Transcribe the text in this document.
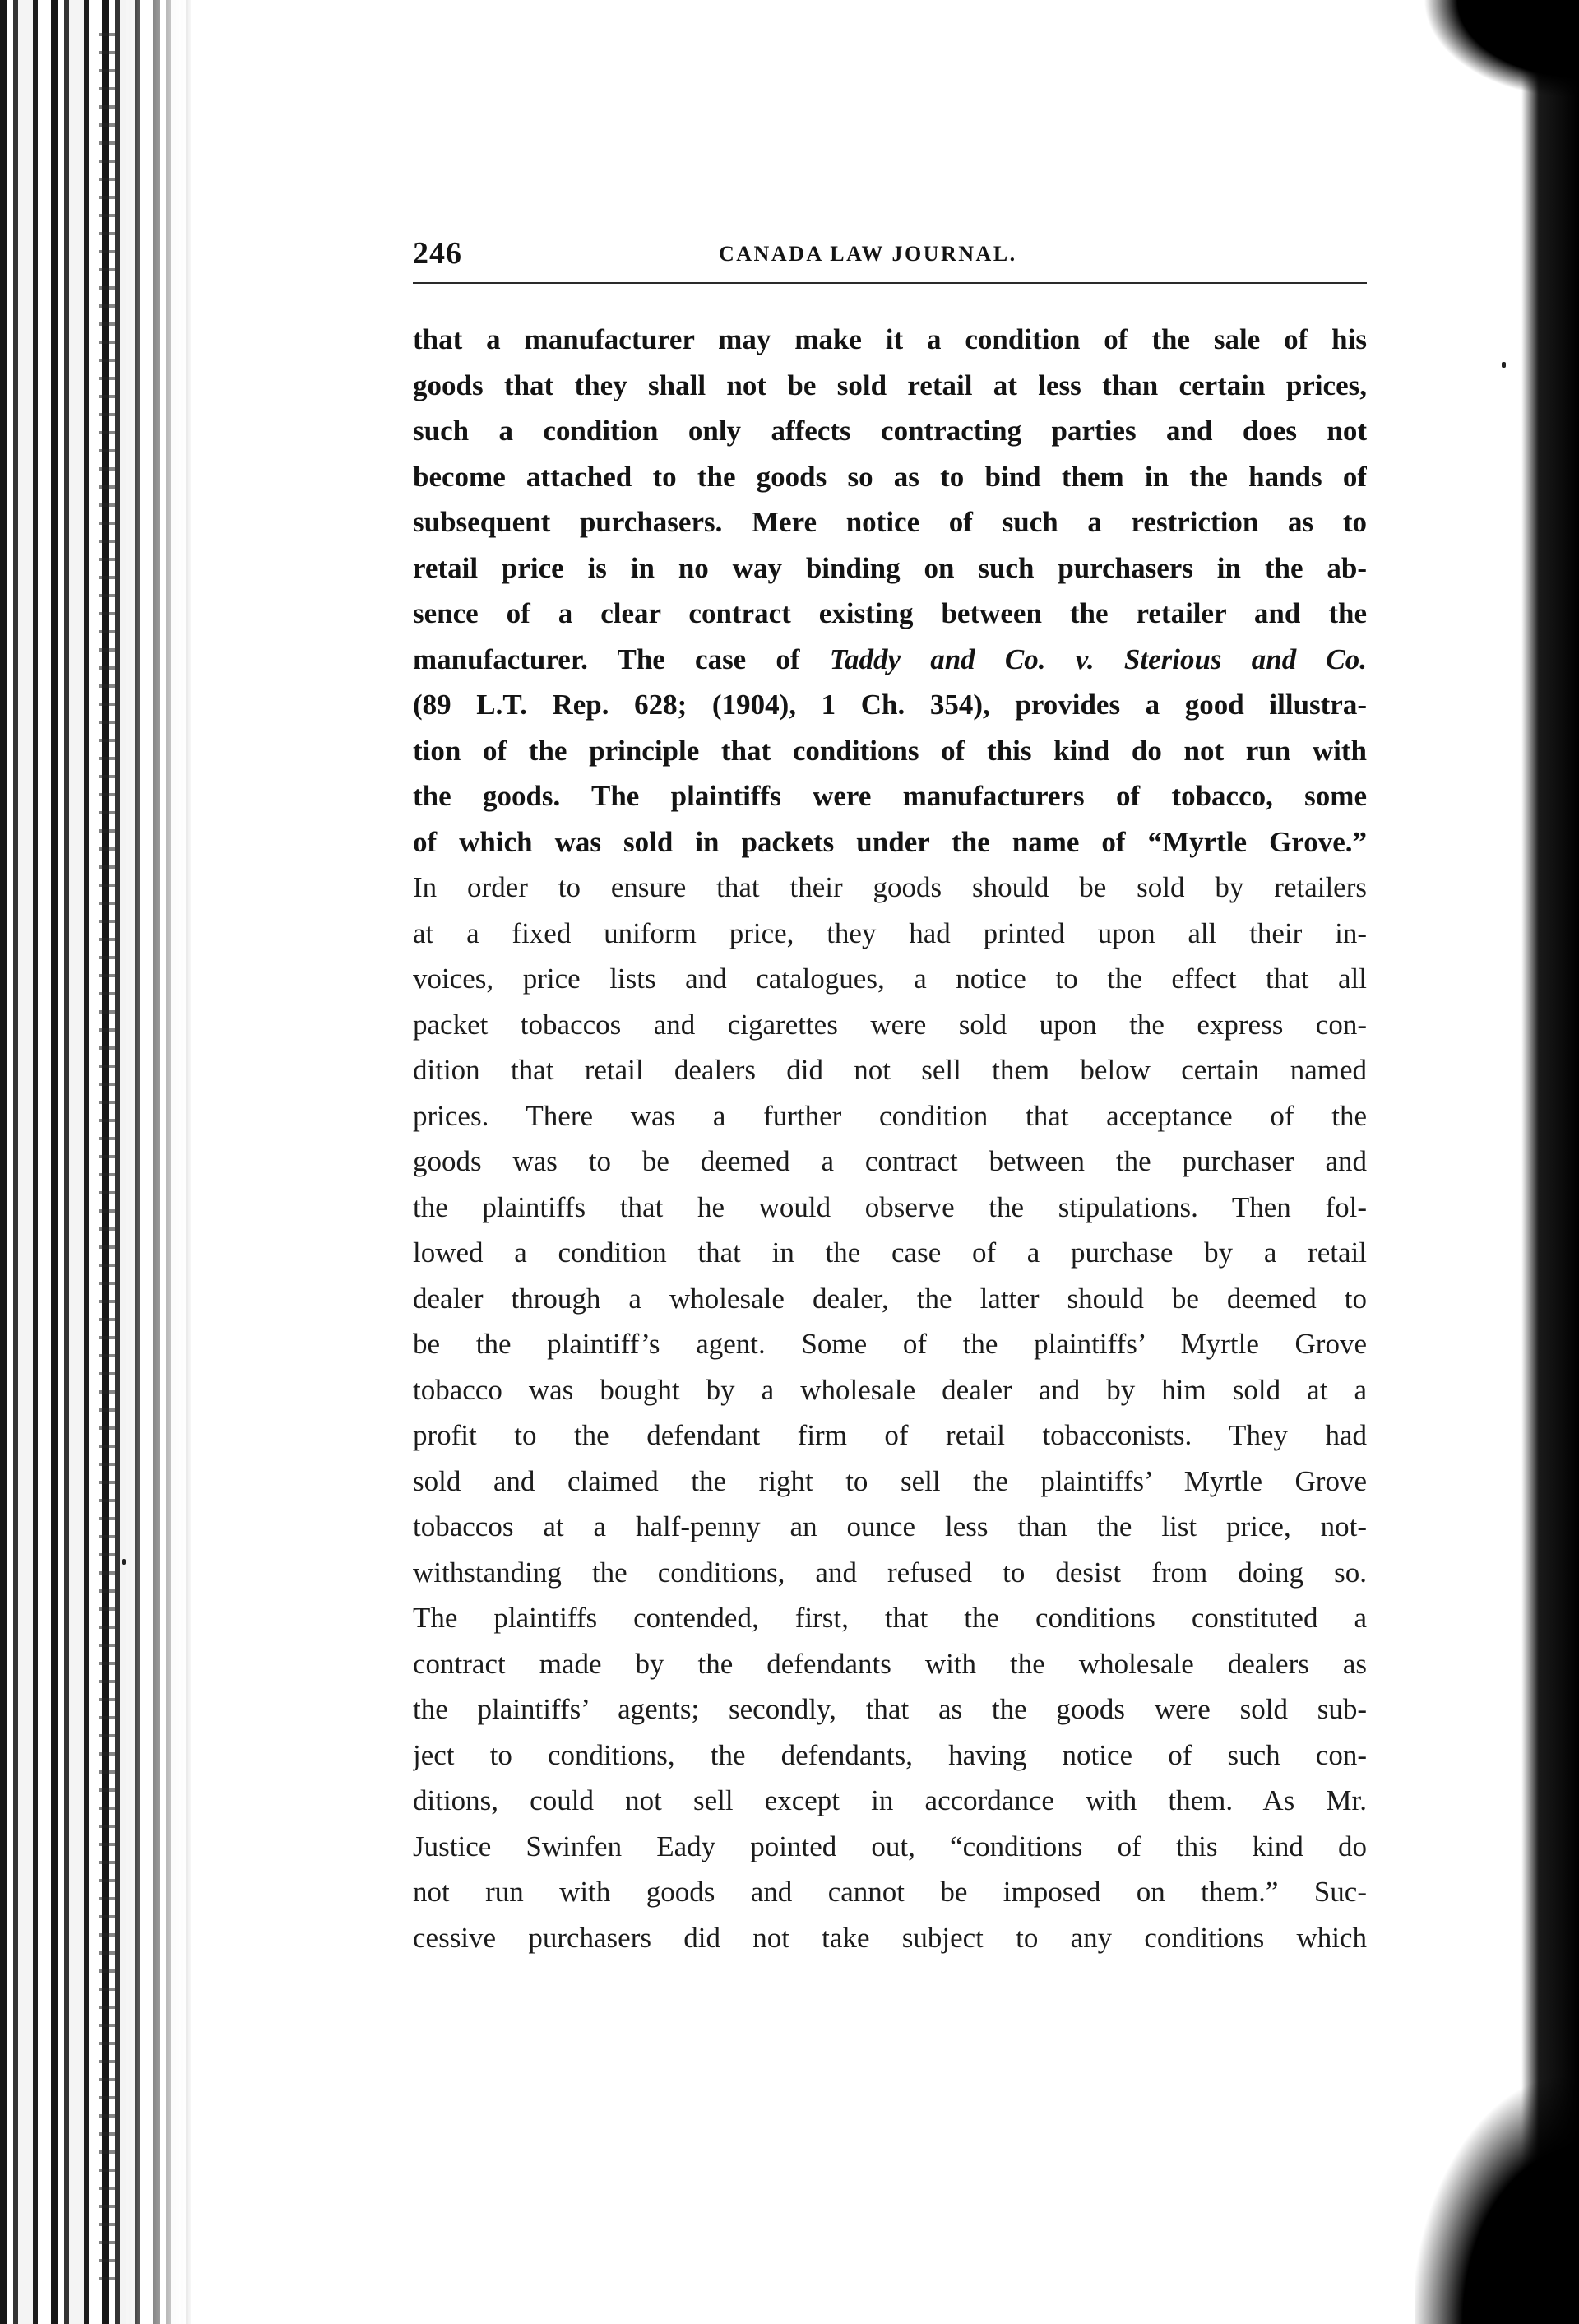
246	CANADA LAW JOURNAL.
that a manufacturer may make it a condition of the sale of his
goods that they shall not be sold retail at less than certain prices,
such a condition only affects contracting parties and does not
become attached to the goods so as to bind them in the hands of
subsequent purchasers. Mere notice of such a restriction as to
retail price is in no way binding on such purchasers in the ab-
sence of a clear contract existing between the retailer and the
manufacturer. The case of Taddy and Co. v. Sterious and Co.
(89 L.T. Rep. 628; (1904), 1 Ch. 354), provides a good illustra-
tion of the principle that conditions of this kind do not run with
the goods. The plaintiffs were manufacturers of tobacco, some
of which was sold in packets under the name of “Myrtle Grove.”
In order to ensure that their goods should be sold by retailers
at a fixed uniform price, they had printed upon all their in-
voices, price lists and catalogues, a notice to the effect that all
packet tobaccos and cigarettes were sold upon the express con-
dition that retail dealers did not sell them below certain named
prices. There was a further condition that acceptance of the
goods was to be deemed a contract between the purchaser and
the plaintiffs that he would observe the stipulations. Then fol-
lowed a condition that in the case of a purchase by a retail
dealer through a wholesale dealer, the latter should be deemed to
be the plaintiff’s agent. Some of the plaintiffs’ Myrtle Grove
tobacco was bought by a wholesale dealer and by him sold at a
profit to the defendant firm of retail tobacconists. They had
sold and claimed the right to sell the plaintiffs’ Myrtle Grove
tobaccos at a half-penny an ounce less than the list price, not-
withstanding the conditions, and refused to desist from doing so.
The plaintiffs contended, first, that the conditions constituted a
contract made by the defendants with the wholesale dealers as
the plaintiffs’ agents; secondly, that as the goods were sold sub-
ject to conditions, the defendants, having notice of such con-
ditions, could not sell except in accordance with them. As Mr.
Justice Swinfen Eady pointed out, “conditions of this kind do
not run with goods and cannot be imposed on them.” Suc-
cessive purchasers did not take subject to any conditions which
